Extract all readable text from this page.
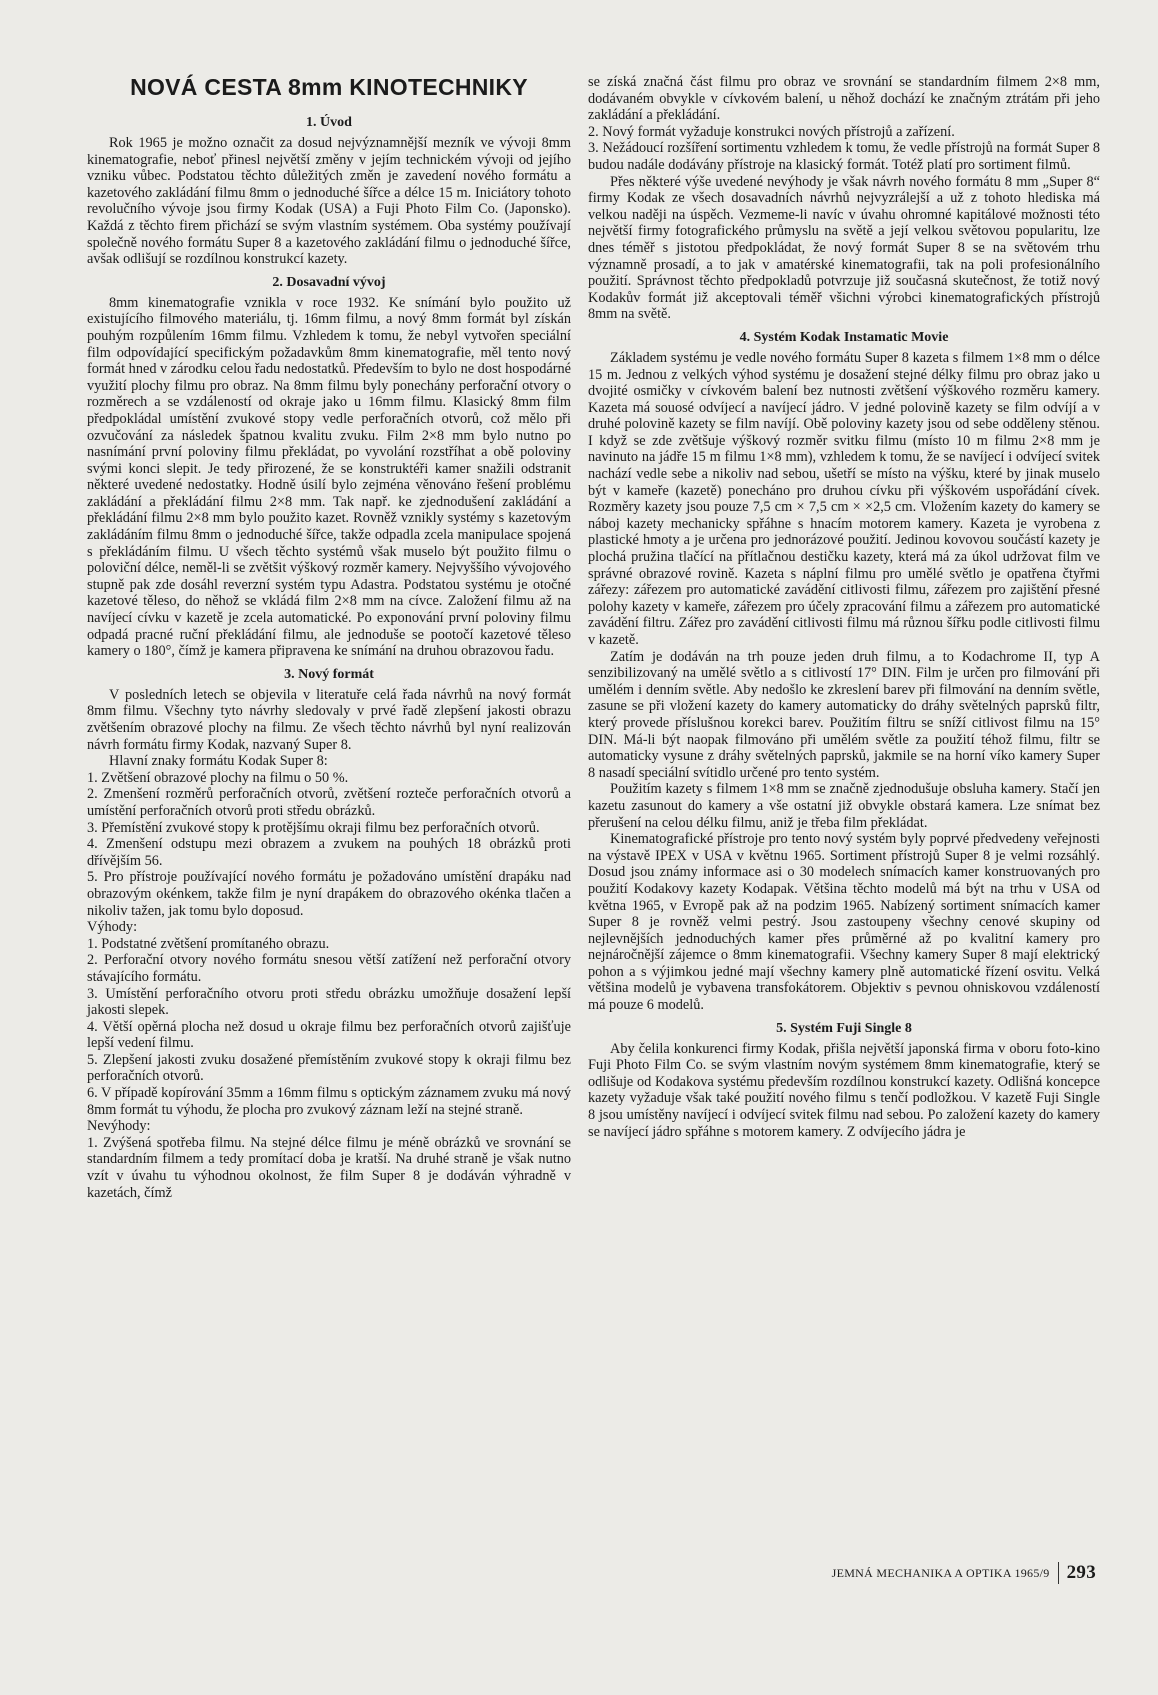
NOVÁ CESTA 8mm KINOTECHNIKY
1. Úvod

Rok 1965 je možno označit za dosud nejvýznamnější mezník ve vývoji 8mm kinematografie, neboť přinesl největší změny v jejím technickém vývoji od jejího vzniku vůbec. Podstatou těchto důležitých změn je zavedení nového formátu a kazetového zakládání filmu 8mm o jednoduché šířce a délce 15 m. Iniciátory tohoto revolučního vývoje jsou firmy Kodak (USA) a Fuji Photo Film Co. (Japonsko). Každá z těchto firem přichází se svým vlastním systémem. Oba systémy používají společně nového formátu Super 8 a kazetového zakládání filmu o jednoduché šířce, avšak odlišují se rozdílnou konstrukcí kazety.

2. Dosavadní vývoj

8mm kinematografie vznikla v roce 1932. Ke snímání bylo použito už existujícího filmového materiálu, tj. 16mm filmu, a nový 8mm formát byl získán pouhým rozpůlením 16mm filmu. Vzhledem k tomu, že nebyl vytvořen speciální film odpovídající specifickým požadavkům 8mm kinematografie, měl tento nový formát hned v zárodku celou řadu nedostatků. Především to bylo ne dost hospodárné využití plochy filmu pro obraz. Na 8mm filmu byly ponechány perforační otvory o rozměrech a se vzdáleností od okraje jako u 16mm filmu. Klasický 8mm film předpokládal umístění zvukové stopy vedle perforačních otvorů, což mělo při ozvučování za následek špatnou kvalitu zvuku. Film 2×8 mm bylo nutno po nasnímání první poloviny filmu překládat, po vyvolání rozstříhat a obě poloviny svými konci slepit. Je tedy přirozené, že se konstruktéři kamer snažili odstranit některé uvedené nedostatky. Hodně úsilí bylo zejména věnováno řešení problému zakládání a překládání filmu 2×8 mm. Tak např. ke zjednodušení zakládání a překládání filmu 2×8 mm bylo použito kazet. Rovněž vznikly systémy s kazetovým zakládáním filmu 8mm o jednoduché šířce, takže odpadla zcela manipulace spojená s překládáním filmu. U všech těchto systémů však muselo být použito filmu o poloviční délce, neměl-li se zvětšit výškový rozměr kamery. Nejvyššího vývojového stupně pak zde dosáhl reverzní systém typu Adastra. Podstatou systému je otočné kazetové těleso, do něhož se vkládá film 2×8 mm na cívce. Založení filmu až na navíjecí cívku v kazetě je zcela automatické. Po exponování první poloviny filmu odpadá pracné ruční překládání filmu, ale jednoduše se pootočí kazetové těleso kamery o 180°, čímž je kamera připravena ke snímání na druhou obrazovou řadu.

3. Nový formát

V posledních letech se objevila v literatuře celá řada návrhů na nový formát 8mm filmu. Všechny tyto návrhy sledovaly v prvé řadě zlepšení jakosti obrazu zvětšením obrazové plochy na filmu. Ze všech těchto návrhů byl nyní realizován návrh formátu firmy Kodak, nazvaný Super 8.

Hlavní znaky formátu Kodak Super 8:

1. Zvětšení obrazové plochy na filmu o 50 %.

2. Zmenšení rozměrů perforačních otvorů, zvětšení rozteče perforačních otvorů a umístění perforačních otvorů proti středu obrázků.

3. Přemístění zvukové stopy k protějšímu okraji filmu bez perforačních otvorů.

4. Zmenšení odstupu mezi obrazem a zvukem na pouhých 18 obrázků proti dřívějším 56.

5. Pro přístroje používající nového formátu je požadováno umístění drapáku nad obrazovým okénkem, takže film je nyní drapákem do obrazového okénka tlačen a nikoliv tažen, jak tomu bylo doposud.

Výhody:

1. Podstatné zvětšení promítaného obrazu.

2. Perforační otvory nového formátu snesou větší zatížení než perforační otvory stávajícího formátu.

3. Umístění perforačního otvoru proti středu obrázku umožňuje dosažení lepší jakosti slepek.

4. Větší opěrná plocha než dosud u okraje filmu bez perforačních otvorů zajišťuje lepší vedení filmu.

5. Zlepšení jakosti zvuku dosažené přemístěním zvukové stopy k okraji filmu bez perforačních otvorů.

6. V případě kopírování 35mm a 16mm filmu s optickým záznamem zvuku má nový 8mm formát tu výhodu, že plocha pro zvukový záznam leží na stejné straně.

Nevýhody:

1. Zvýšená spotřeba filmu. Na stejné délce filmu je méně obrázků ve srovnání se standardním filmem a tedy promítací doba je kratší. Na druhé straně je však nutno vzít v úvahu tu výhodnou okolnost, že film Super 8 je dodáván výhradně v kazetách, čímž

se získá značná část filmu pro obraz ve srovnání se standardním filmem 2×8 mm, dodávaném obvykle v cívkovém balení, u něhož dochází ke značným ztrátám při jeho zakládání a překládání.

2. Nový formát vyžaduje konstrukci nových přístrojů a zařízení.

3. Nežádoucí rozšíření sortimentu vzhledem k tomu, že vedle přístrojů na formát Super 8 budou nadále dodávány přístroje na klasický formát. Totéž platí pro sortiment filmů.

Přes některé výše uvedené nevýhody je však návrh nového formátu 8 mm „Super 8“ firmy Kodak ze všech dosavadních návrhů nejvyzrálejší a už z tohoto hlediska má velkou naději na úspěch. Vezmeme-li navíc v úvahu ohromné kapitálové možnosti této největší firmy fotografického průmyslu na světě a její velkou světovou popularitu, lze dnes téměř s jistotou předpokládat, že nový formát Super 8 se na světovém trhu významně prosadí, a to jak v amatérské kinematografii, tak na poli profesionálního použití. Správnost těchto předpokladů potvrzuje již současná skutečnost, že totiž nový Kodakův formát již akceptovali téměř všichni výrobci kinematografických přístrojů 8mm na světě.

4. Systém Kodak Instamatic Movie

Základem systému je vedle nového formátu Super 8 kazeta s filmem 1×8 mm o délce 15 m. Jednou z velkých výhod systému je dosažení stejné délky filmu pro obraz jako u dvojité osmičky v cívkovém balení bez nutnosti zvětšení výškového rozměru kamery. Kazeta má souosé odvíjecí a navíjecí jádro. V jedné polovině kazety se film odvíjí a v druhé polovině kazety se film navíjí. Obě poloviny kazety jsou od sebe odděleny stěnou. I když se zde zvětšuje výškový rozměr svitku filmu (místo 10 m filmu 2×8 mm je navinuto na jádře 15 m filmu 1×8 mm), vzhledem k tomu, že se navíjecí i odvíjecí svitek nachází vedle sebe a nikoliv nad sebou, ušetří se místo na výšku, které by jinak muselo být v kameře (kazetě) ponecháno pro druhou cívku při výškovém uspořádání cívek. Rozměry kazety jsou pouze 7,5 cm × 7,5 cm × ×2,5 cm. Vložením kazety do kamery se náboj kazety mechanicky spřáhne s hnacím motorem kamery. Kazeta je vyrobena z plastické hmoty a je určena pro jednorázové použití. Jedinou kovovou součástí kazety je plochá pružina tlačící na přítlačnou destičku kazety, která má za úkol udržovat film ve správné obrazové rovině. Kazeta s náplní filmu pro umělé světlo je opatřena čtyřmi zářezy: zářezem pro automatické zavádění citlivosti filmu, zářezem pro zajištění přesné polohy kazety v kameře, zářezem pro účely zpracování filmu a zářezem pro automatické zavádění filtru. Zářez pro zavádění citlivosti filmu má různou šířku podle citlivosti filmu v kazetě.

Zatím je dodáván na trh pouze jeden druh filmu, a to Kodachrome II, typ A senzibilizovaný na umělé světlo a s citlivostí 17° DIN. Film je určen pro filmování při umělém i denním světle. Aby nedošlo ke zkreslení barev při filmování na denním světle, zasune se při vložení kazety do kamery automaticky do dráhy světelných paprsků filtr, který provede příslušnou korekci barev. Použitím filtru se sníží citlivost filmu na 15° DIN. Má-li být naopak filmováno při umělém světle za použití téhož filmu, filtr se automaticky vysune z dráhy světelných paprsků, jakmile se na horní víko kamery Super 8 nasadí speciální svítidlo určené pro tento systém.

Použitím kazety s filmem 1×8 mm se značně zjednodušuje obsluha kamery. Stačí jen kazetu zasunout do kamery a vše ostatní již obvykle obstará kamera. Lze snímat bez přerušení na celou délku filmu, aniž je třeba film překládat.

Kinematografické přístroje pro tento nový systém byly poprvé předvedeny veřejnosti na výstavě IPEX v USA v květnu 1965. Sortiment přístrojů Super 8 je velmi rozsáhlý. Dosud jsou známy informace asi o 30 modelech snímacích kamer konstruovaných pro použití Kodakovy kazety Kodapak. Většina těchto modelů má být na trhu v USA od května 1965, v Evropě pak až na podzim 1965. Nabízený sortiment snímacích kamer Super 8 je rovněž velmi pestrý. Jsou zastoupeny všechny cenové skupiny od nejlevnějších jednoduchých kamer přes průměrné až po kvalitní kamery pro nejnáročnější zájemce o 8mm kinematografii. Všechny kamery Super 8 mají elektrický pohon a s výjimkou jedné mají všechny kamery plně automatické řízení osvitu. Velká většina modelů je vybavena transfokátorem. Objektiv s pevnou ohniskovou vzdáleností má pouze 6 modelů.

5. Systém Fuji Single 8

Aby čelila konkurenci firmy Kodak, přišla největší japonská firma v oboru foto-kino Fuji Photo Film Co. se svým vlastním novým systémem 8mm kinematografie, který se odlišuje od Kodakova systému především rozdílnou konstrukcí kazety. Odlišná koncepce kazety vyžaduje však také použití nového filmu s tenčí podložkou. V kazetě Fuji Single 8 jsou umístěny navíjecí i odvíjecí svitek filmu nad sebou. Po založení kazety do kamery se navíjecí jádro spřáhne s motorem kamery. Z odvíjecího jádra je

JEMNÁ MECHANIKA A OPTIKA 1965/9 293
